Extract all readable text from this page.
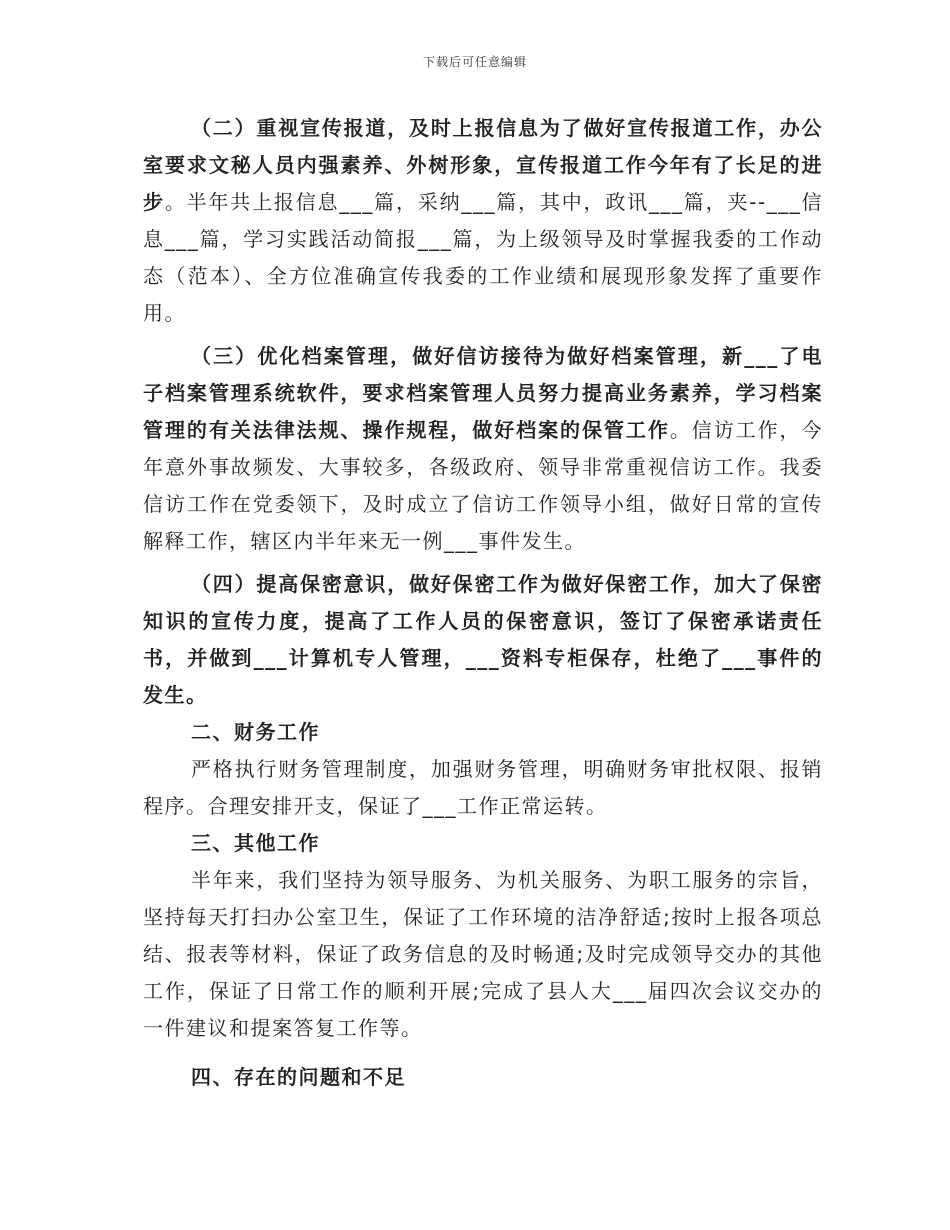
下载后可任意编辑

（二）重视宣传报道，及时上报信息为了做好宣传报道工作，办公室要求文秘人员内强素养、外树形象，宣传报道工作今年有了长足的进步。半年共上报信息___篇，采纳___篇，其中，政讯___篇，夹--___信息___篇，学习实践活动简报___篇，为上级领导及时掌握我委的工作动态（范本）、全方位准确宣传我委的工作业绩和展现形象发挥了重要作用。

（三）优化档案管理，做好信访接待为做好档案管理，新___了电子档案管理系统软件，要求档案管理人员努力提高业务素养，学习档案管理的有关法律法规、操作规程，做好档案的保管工作。信访工作，今年意外事故频发、大事较多，各级政府、领导非常重视信访工作。我委信访工作在党委领下，及时成立了信访工作领导小组，做好日常的宣传解释工作，辖区内半年来无一例___事件发生。

（四）提高保密意识，做好保密工作为做好保密工作，加大了保密知识的宣传力度，提高了工作人员的保密意识，签订了保密承诺责任书，并做到___计算机专人管理，___资料专柜保存，杜绝了___事件的发生。

二、财务工作

严格执行财务管理制度，加强财务管理，明确财务审批权限、报销程序。合理安排开支，保证了___工作正常运转。

三、其他工作

半年来，我们坚持为领导服务、为机关服务、为职工服务的宗旨，坚持每天打扫办公室卫生，保证了工作环境的洁净舒适;按时上报各项总结、报表等材料，保证了政务信息的及时畅通;及时完成领导交办的其他工作，保证了日常工作的顺利开展;完成了县人大___届四次会议交办的一件建议和提案答复工作等。

四、存在的问题和不足
